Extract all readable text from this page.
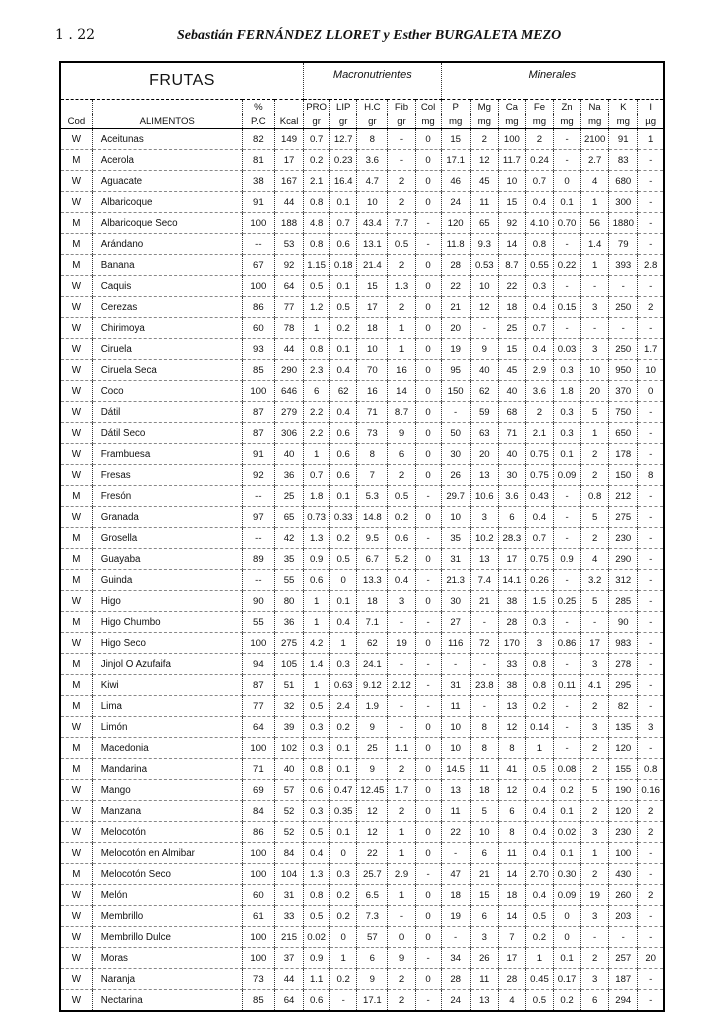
1 . 22	Sebastián FERNÁNDEZ LLORET y Esther BURGALETA MEZO
FRUTAS				Macronutrientes					Minerales							
		%		PRO	LIP	H.C	Fib	Col	P	Mg	Ca	Fe	Zn	Na	K	I
Cod	ALIMENTOS	P.C	Kcal	gr	gr	gr	gr	mg	mg	mg	mg	mg	mg	mg	mg	µg
W	Aceitunas	82	149	0.7	12.7	8	-	0	15	2	100	2	-	2100	91	1
M	Acerola	81	17	0.2	0.23	3.6	-	0	17.1	12	11.7	0.24	-	2.7	83	-
W	Aguacate	38	167	2.1	16.4	4.7	2	0	46	45	10	0.7	0	4	680	-
W	Albaricoque	91	44	0.8	0.1	10	2	0	24	11	15	0.4	0.1	1	300	-
M	Albaricoque Seco	100	188	4.8	0.7	43.4	7.7	-	120	65	92	4.10	0.70	56	1880	-
M	Arándano	--	53	0.8	0.6	13.1	0.5	-	11.8	9.3	14	0.8	-	1.4	79	-
M	Banana	67	92	1.15	0.18	21.4	2	0	28	0.53	8.7	0.55	0.22	1	393	2.8
W	Caquis	100	64	0.5	0.1	15	1.3	0	22	10	22	0.3	-	-	-	-
W	Cerezas	86	77	1.2	0.5	17	2	0	21	12	18	0.4	0.15	3	250	2
W	Chirimoya	60	78	1	0.2	18	1	0	20	-	25	0.7	-	-	-	-
W	Ciruela	93	44	0.8	0.1	10	1	0	19	9	15	0.4	0.03	3	250	1.7
W	Ciruela Seca	85	290	2.3	0.4	70	16	0	95	40	45	2.9	0.3	10	950	10
W	Coco	100	646	6	62	16	14	0	150	62	40	3.6	1.8	20	370	0
W	Dátil	87	279	2.2	0.4	71	8.7	0	-	59	68	2	0.3	5	750	-
W	Dátil Seco	87	306	2.2	0.6	73	9	0	50	63	71	2.1	0.3	1	650	-
W	Frambuesa	91	40	1	0.6	8	6	0	30	20	40	0.75	0.1	2	178	-
W	Fresas	92	36	0.7	0.6	7	2	0	26	13	30	0.75	0.09	2	150	8
M	Fresón	--	25	1.8	0.1	5.3	0.5	-	29.7	10.6	3.6	0.43	-	0.8	212	-
W	Granada	97	65	0.73	0.33	14.8	0.2	0	10	3	6	0.4	-	5	275	-
M	Grosella	--	42	1.3	0.2	9.5	0.6	-	35	10.2	28.3	0.7	-	2	230	-
M	Guayaba	89	35	0.9	0.5	6.7	5.2	0	31	13	17	0.75	0.9	4	290	-
M	Guinda	--	55	0.6	0	13.3	0.4	-	21.3	7.4	14.1	0.26	-	3.2	312	-
W	Higo	90	80	1	0.1	18	3	0	30	21	38	1.5	0.25	5	285	-
M	Higo Chumbo	55	36	1	0.4	7.1	-	-	27	-	28	0.3	-	-	90	-
W	Higo Seco	100	275	4.2	1	62	19	0	116	72	170	3	0.86	17	983	-
M	Jinjol O Azufaifa	94	105	1.4	0.3	24.1	-	-	-	-	33	0.8	-	3	278	-
M	Kiwi	87	51	1	0.63	9.12	2.12	-	31	23.8	38	0.8	0.11	4.1	295	-
M	Lima	77	32	0.5	2.4	1.9	-	-	11	-	13	0.2	-	2	82	-
W	Limón	64	39	0.3	0.2	9	-	0	10	8	12	0.14	-	3	135	3
M	Macedonia	100	102	0.3	0.1	25	1.1	0	10	8	8	1	-	2	120	-
M	Mandarina	71	40	0.8	0.1	9	2	0	14.5	11	41	0.5	0.08	2	155	0.8
W	Mango	69	57	0.6	0.47	12.45	1.7	0	13	18	12	0.4	0.2	5	190	0.16
W	Manzana	84	52	0.3	0.35	12	2	0	11	5	6	0.4	0.1	2	120	2
W	Melocotón	86	52	0.5	0.1	12	1	0	22	10	8	0.4	0.02	3	230	2
W	Melocotón en Almibar	100	84	0.4	0	22	1	0	-	6	11	0.4	0.1	1	100	-
M	Melocotón Seco	100	104	1.3	0.3	25.7	2.9	-	47	21	14	2.70	0.30	2	430	-
W	Melón	60	31	0.8	0.2	6.5	1	0	18	15	18	0.4	0.09	19	260	2
W	Membrillo	61	33	0.5	0.2	7.3	-	0	19	6	14	0.5	0	3	203	-
W	Membrillo Dulce	100	215	0.02	0	57	0	0	-	3	7	0.2	0	-	-	-
W	Moras	100	37	0.9	1	6	9	-	34	26	17	1	0.1	2	257	20
W	Naranja	73	44	1.1	0.2	9	2	0	28	11	28	0.45	0.17	3	187	-
W	Nectarina	85	64	0.6	-	17.1	2	-	24	13	4	0.5	0.2	6	294	-
